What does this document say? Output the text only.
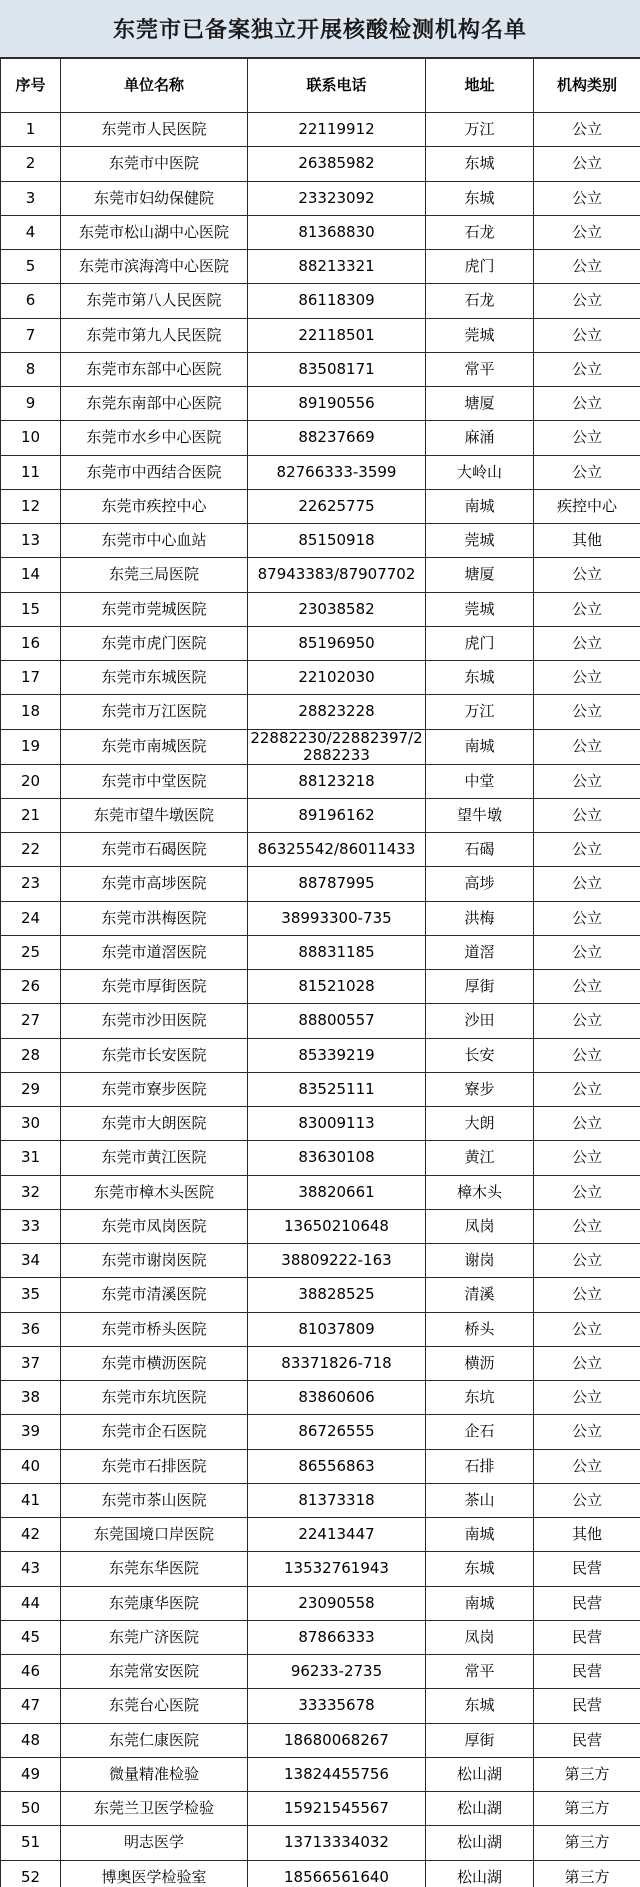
东莞市已备案独立开展核酸检测机构名单
序号	单位名称	联系电话	地址	机构类别
1	东莞市人民医院	22119912	万江	公立
2	东莞市中医院	26385982	东城	公立
3	东莞市妇幼保健院	23323092	东城	公立
4	东莞市松山湖中心医院	81368830	石龙	公立
5	东莞市滨海湾中心医院	88213321	虎门	公立
6	东莞市第八人民医院	86118309	石龙	公立
7	东莞市第九人民医院	22118501	莞城	公立
8	东莞市东部中心医院	83508171	常平	公立
9	东莞东南部中心医院	89190556	塘厦	公立
10	东莞市水乡中心医院	88237669	麻涌	公立
11	东莞市中西结合医院	82766333-3599	大岭山	公立
12	东莞市疾控中心	22625775	南城	疾控中心
13	东莞市中心血站	85150918	莞城	其他
14	东莞三局医院	87943383/87907702	塘厦	公立
15	东莞市莞城医院	23038582	莞城	公立
16	东莞市虎门医院	85196950	虎门	公立
17	东莞市东城医院	22102030	东城	公立
18	东莞市万江医院	28823228	万江	公立
19	东莞市南城医院	22882230/22882397/22882233	南城	公立
20	东莞市中堂医院	88123218	中堂	公立
21	东莞市望牛墩医院	89196162	望牛墩	公立
22	东莞市石碣医院	86325542/86011433	石碣	公立
23	东莞市高埗医院	88787995	高埗	公立
24	东莞市洪梅医院	38993300-735	洪梅	公立
25	东莞市道滘医院	88831185	道滘	公立
26	东莞市厚街医院	81521028	厚街	公立
27	东莞市沙田医院	88800557	沙田	公立
28	东莞市长安医院	85339219	长安	公立
29	东莞市寮步医院	83525111	寮步	公立
30	东莞市大朗医院	83009113	大朗	公立
31	东莞市黄江医院	83630108	黄江	公立
32	东莞市樟木头医院	38820661	樟木头	公立
33	东莞市凤岗医院	13650210648	凤岗	公立
34	东莞市谢岗医院	38809222-163	谢岗	公立
35	东莞市清溪医院	38828525	清溪	公立
36	东莞市桥头医院	81037809	桥头	公立
37	东莞市横沥医院	83371826-718	横沥	公立
38	东莞市东坑医院	83860606	东坑	公立
39	东莞市企石医院	86726555	企石	公立
40	东莞市石排医院	86556863	石排	公立
41	东莞市茶山医院	81373318	茶山	公立
42	东莞国境口岸医院	22413447	南城	其他
43	东莞东华医院	13532761943	东城	民营
44	东莞康华医院	23090558	南城	民营
45	东莞广济医院	87866333	凤岗	民营
46	东莞常安医院	96233-2735	常平	民营
47	东莞台心医院	33335678	东城	民营
48	东莞仁康医院	18680068267	厚街	民营
49	微量精准检验	13824455756	松山湖	第三方
50	东莞兰卫医学检验	15921545567	松山湖	第三方
51	明志医学	13713334032	松山湖	第三方
52	博奥医学检验室	18566561640	松山湖	第三方
